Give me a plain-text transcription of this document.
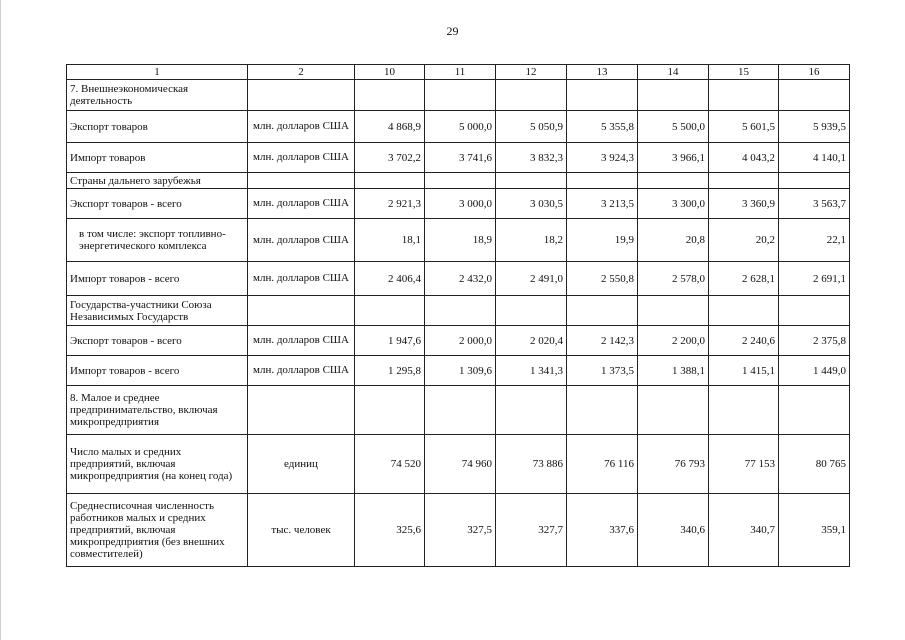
29
1	2	10	11	12	13	14	15	16
7. Внешнеэкономическая деятельность								
Экспорт товаров	млн. долларов США	4 868,9	5 000,0	5 050,9	5 355,8	5 500,0	5 601,5	5 939,5
Импорт товаров	млн. долларов США	3 702,2	3 741,6	3 832,3	3 924,3	3 966,1	4 043,2	4 140,1
Страны дальнего зарубежья								
Экспорт товаров - всего	млн. долларов США	2 921,3	3 000,0	3 030,5	3 213,5	3 300,0	3 360,9	3 563,7
в том числе: экспорт топливно-энергетического комплекса	млн. долларов США	18,1	18,9	18,2	19,9	20,8	20,2	22,1
Импорт товаров - всего	млн. долларов США	2 406,4	2 432,0	2 491,0	2 550,8	2 578,0	2 628,1	2 691,1
Государства-участники Союза Независимых Государств								
Экспорт товаров - всего	млн. долларов США	1 947,6	2 000,0	2 020,4	2 142,3	2 200,0	2 240,6	2 375,8
Импорт товаров - всего	млн. долларов США	1 295,8	1 309,6	1 341,3	1 373,5	1 388,1	1 415,1	1 449,0
8. Малое и среднее предпринимательство, включая микропредприятия								
Число малых и средних предприятий, включая микропредприятия (на конец года)	единиц	74 520	74 960	73 886	76 116	76 793	77 153	80 765
Среднесписочная численность работников малых и средних предприятий, включая микропредприятия (без внешних совместителей)	тыс. человек	325,6	327,5	327,7	337,6	340,6	340,7	359,1
